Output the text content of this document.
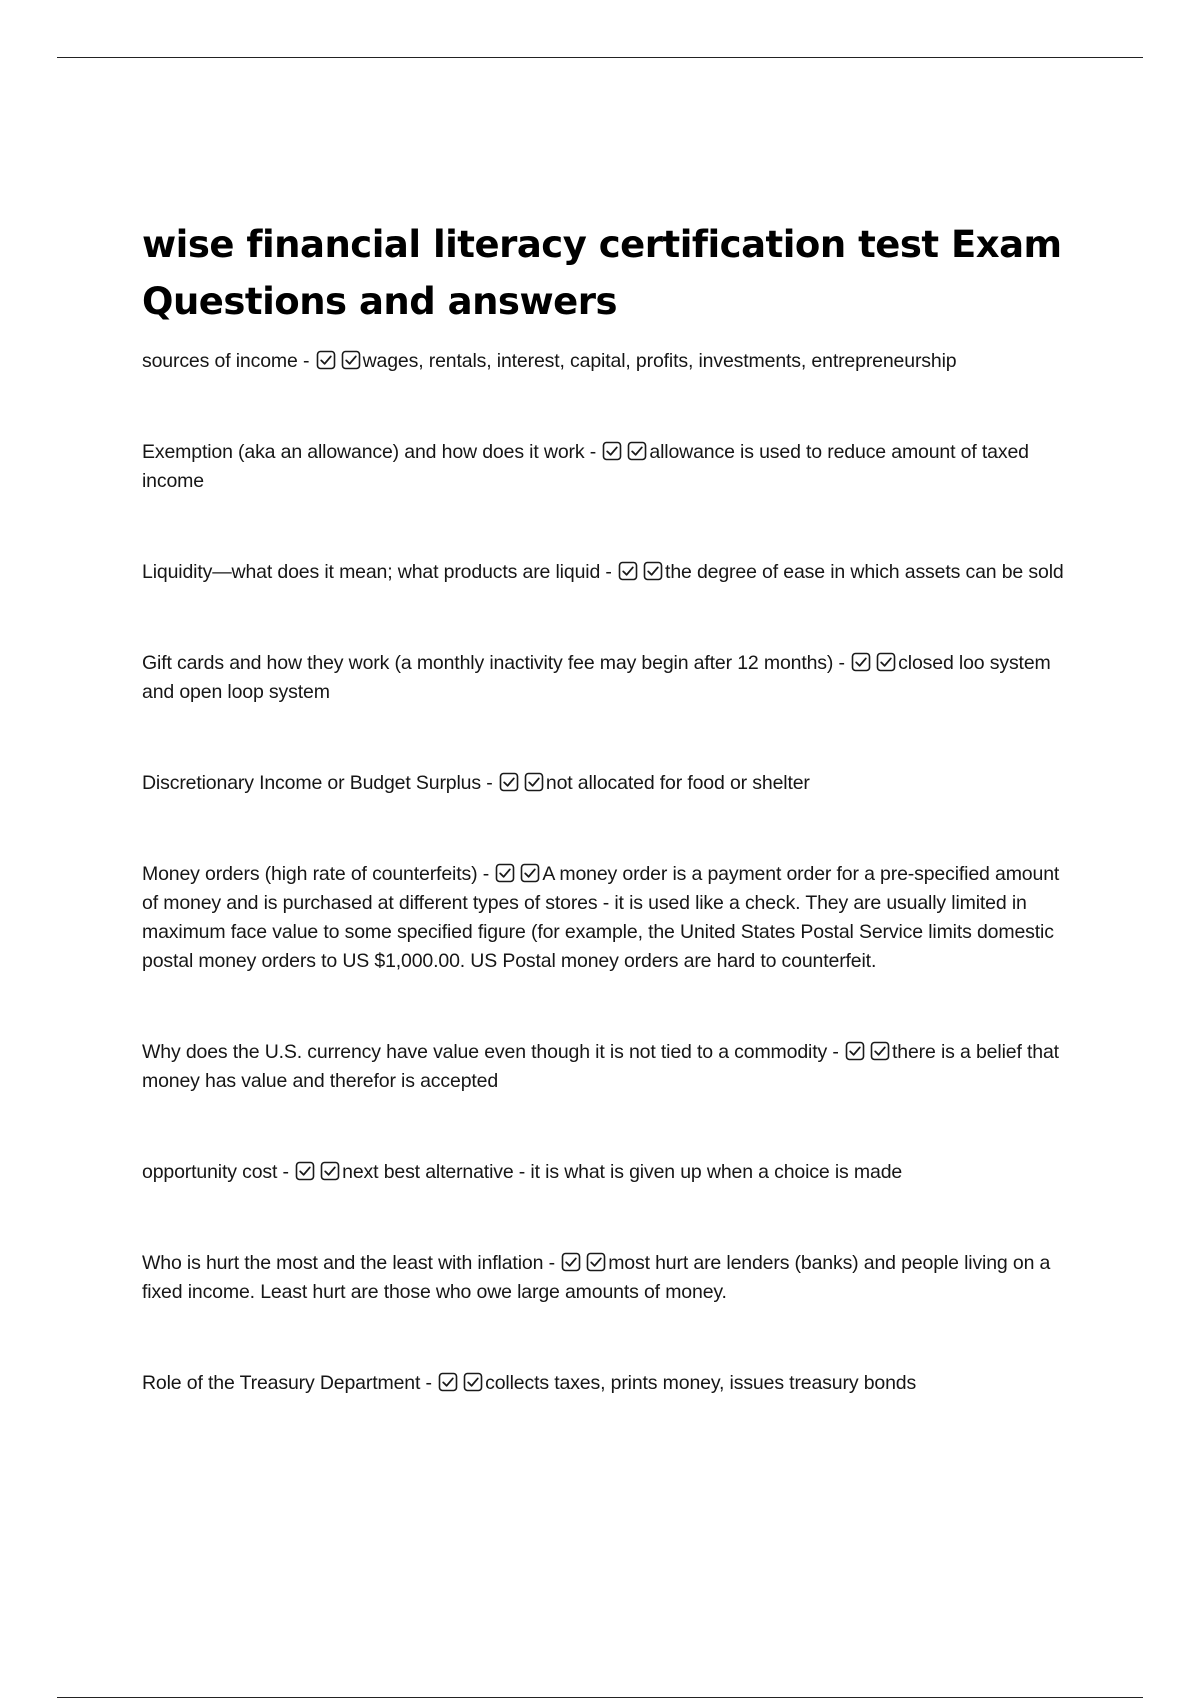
wise financial literacy certification test Exam Questions and answers

sources of income -	wages, rentals, interest, capital, profits, investments, entrepreneurship

Exemption (aka an allowance) and how does it work -	allowance is used to reduce amount of taxed income

Liquidity—what does it mean; what products are liquid -	the degree of ease in which assets can be sold

Gift cards and how they work (a monthly inactivity fee may begin after 12 months) -	closed loo system and open loop system

Discretionary Income or Budget Surplus -	not allocated for food or shelter

Money orders (high rate of counterfeits) -	A money order is a payment order for a pre-specified amount of money and is purchased at different types of stores - it is used like a check. They are usually limited in maximum face value to some specified figure (for example, the United States Postal Service limits domestic postal money orders to US $1,000.00. US Postal money orders are hard to counterfeit.

Why does the U.S. currency have value even though it is not tied to a commodity -	there is a belief that money has value and therefor is accepted

opportunity cost -	next best alternative - it is what is given up when a choice is made

Who is hurt the most and the least with inflation -	most hurt are lenders (banks) and people living on a fixed income. Least hurt are those who owe large amounts of money.

Role of the Treasury Department -	collects taxes, prints money, issues treasury bonds
